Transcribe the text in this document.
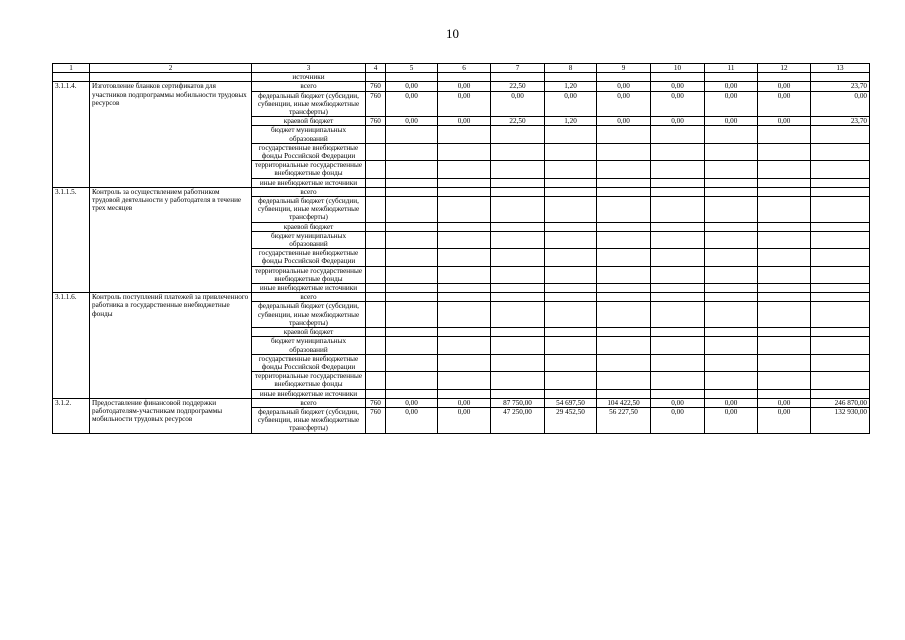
10
1	2	3	4	5	6	7	8	9	10	11	12	13
		источники										
3.1.1.4.	Изготовление бланков сертификатов для участников подпрограммы мобильности трудовых ресурсов	всего	760	0,00	0,00	22,50	1,20	0,00	0,00	0,00	0,00	23,70
		федеральный бюджет (субсидии, субвенции, иные межбюджетные трансферты)	760	0,00	0,00	0,00	0,00	0,00	0,00	0,00	0,00	0,00
		краевой бюджет	760	0,00	0,00	22,50	1,20	0,00	0,00	0,00	0,00	23,70
		бюджет муниципальных образований										
		государственные внебюджетные фонды Российской Федерации										
		территориальные государственные внебюджетные фонды										
		иные внебюджетные источники										
3.1.1.5.	Контроль за осуществлением работником трудовой деятельности у работодателя в течение трех месяцев	всего										
		федеральный бюджет (субсидии, субвенции, иные межбюджетные трансферты)										
		краевой бюджет										
		бюджет муниципальных образований										
		государственные внебюджетные фонды Российской Федерации										
		территориальные государственные внебюджетные фонды										
		иные внебюджетные источники										
3.1.1.6.	Контроль поступлений платежей за привлеченного работника в государственные внебюджетные фонды	всего										
		федеральный бюджет (субсидии, субвенции, иные межбюджетные трансферты)										
		краевой бюджет										
		бюджет муниципальных образований										
		государственные внебюджетные фонды Российской Федерации										
		территориальные государственные внебюджетные фонды										
		иные внебюджетные источники										
3.1.2.	Предоставление финансовой поддержки работодателям-участникам подпрограммы мобильности трудовых ресурсов	всего	760	0,00	0,00	87 750,00	54 697,50	104 422,50	0,00	0,00	0,00	246 870,00
		федеральный бюджет (субсидии, субвенции, иные межбюджетные трансферты)	760	0,00	0,00	47 250,00	29 452,50	56 227,50	0,00	0,00	0,00	132 930,00
